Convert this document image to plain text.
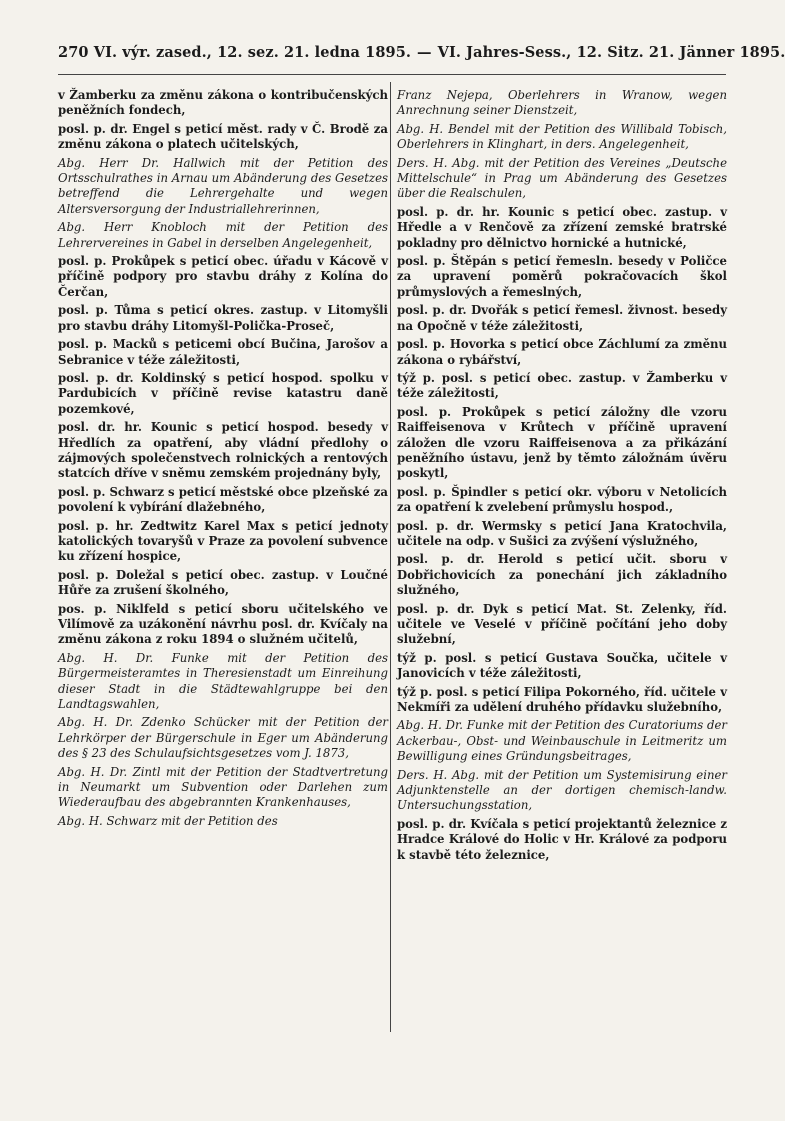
270 VI. výr. zased., 12. sez. 21. ledna 1895. — VI. Jahres-Sess., 12. Sitz. 21. Jänner 1895.

v Žamberku za změnu zákona o kontribučenských peněžních fondech,

posl. p. dr. Engel s peticí měst. rady v Č. Brodě za změnu zákona o platech učitelských,

Abg. Herr Dr. Hallwich mit der Petition des Ortsschulrathes in Arnau um Abänderung des Gesetzes betreffend die Lehrergehalte und wegen Altersversorgung der Industriallehrerinnen,

Abg. Herr Knobloch mit der Petition des Lehrervereines in Gabel in derselben Angelegenheit,

posl. p. Prokůpek s peticí obec. úřadu v Kácově v příčině podpory pro stavbu dráhy z Kolína do Čerčan,

posl. p. Tůma s peticí okres. zastup. v Litomyšli pro stavbu dráhy Litomyšl-Polička-Proseč,

posl. p. Macků s peticemi obcí Bučina, Jarošov a Sebranice v téže záležitosti,

posl. p. dr. Koldinský s peticí hospod. spolku v Pardubicích v příčině revise katastru daně pozemkové,

posl. dr. hr. Kounic s peticí hospod. besedy v Hředlích za opatření, aby vládní předlohy o zájmových společenstvech rolnických a rentových statcích dříve v sněmu zemském projednány byly,

posl. p. Schwarz s peticí městské obce plzeňské za povolení k vybírání dlažebného,

posl. p. hr. Zedtwitz Karel Max s peticí jednoty katolických tovaryšů v Praze za povolení subvence ku zřízení hospice,

posl. p. Doležal s peticí obec. zastup. v Loučné Hůře za zrušení školného,

pos. p. Niklfeld s peticí sboru učitelského ve Vilímově za uzákonění návrhu posl. dr. Kvíčaly na změnu zákona z roku 1894 o služném učitelů,

Abg. H. Dr. Funke mit der Petition des Bürgermeisteramtes in Theresienstadt um Einreihung dieser Stadt in die Städtewahlgruppe bei den Landtagswahlen,

Abg. H. Dr. Zdenko Schücker mit der Petition der Lehrkörper der Bürgerschule in Eger um Abänderung des § 23 des Schulaufsichtsgesetzes vom J. 1873,

Abg. H. Dr. Zintl mit der Petition der Stadtvertretung in Neumarkt um Subvention oder Darlehen zum Wiederaufbau des abgebrannten Krankenhauses,

Abg. H. Schwarz mit der Petition des

Franz Nejepa, Oberlehrers in Wranow, wegen Anrechnung seiner Dienstzeit,

Abg. H. Bendel mit der Petition des Willibald Tobisch, Oberlehrers in Klinghart, in ders. Angelegenheit,

Ders. H. Abg. mit der Petition des Vereines „Deutsche Mittelschule“ in Prag um Abänderung des Gesetzes über die Realschulen,

posl. p. dr. hr. Kounic s peticí obec. zastup. v Hředle a v Renčově za zřízení zemské bratrské pokladny pro dělnictvo hornické a hutnické,

posl. p. Štěpán s peticí řemesln. besedy v Poličce za upravení poměrů pokračovacích škol průmyslových a řemeslných,

posl. p. dr. Dvořák s peticí řemesl. živnost. besedy na Opočně v téže záležitosti,

posl. p. Hovorka s peticí obce Záchlumí za změnu zákona o rybářství,

týž p. posl. s peticí obec. zastup. v Žamberku v téže záležitosti,

posl. p. Prokůpek s peticí záložny dle vzoru Raiffeisenova v Krůtech v příčině upravení záložen dle vzoru Raiffeisenova a za přikázání peněžního ústavu, jenž by těmto záložnám úvěru poskytl,

posl. p. Špindler s peticí okr. výboru v Netolicích za opatření k zvelebení průmyslu hospod.,

posl. p. dr. Wermsky s peticí Jana Kratochvila, učitele na odp. v Sušici za zvýšení výslužného,

posl. p. dr. Herold s peticí učit. sboru v Dobřichovicích za ponechání jich základního služného,

posl. p. dr. Dyk s peticí Mat. St. Zelenky, říd. učitele ve Veselé v příčině počítání jeho doby služební,

týž p. posl. s peticí Gustava Součka, učitele v Janovicích v téže záležitosti,

týž p. posl. s peticí Filipa Pokorného, říd. učitele v Nekmíři za udělení druhého přídavku služebního,

Abg. H. Dr. Funke mit der Petition des Curatoriums der Ackerbau-, Obst- und Weinbauschule in Leitmeritz um Bewilligung eines Gründungsbeitrages,

Ders. H. Abg. mit der Petition um Systemisirung einer Adjunktenstelle an der dortigen chemisch-landw. Untersuchungsstation,

posl. p. dr. Kvíčala s peticí projektantů železnice z Hradce Králové do Holic v Hr. Králové za podporu k stavbě této železnice,
